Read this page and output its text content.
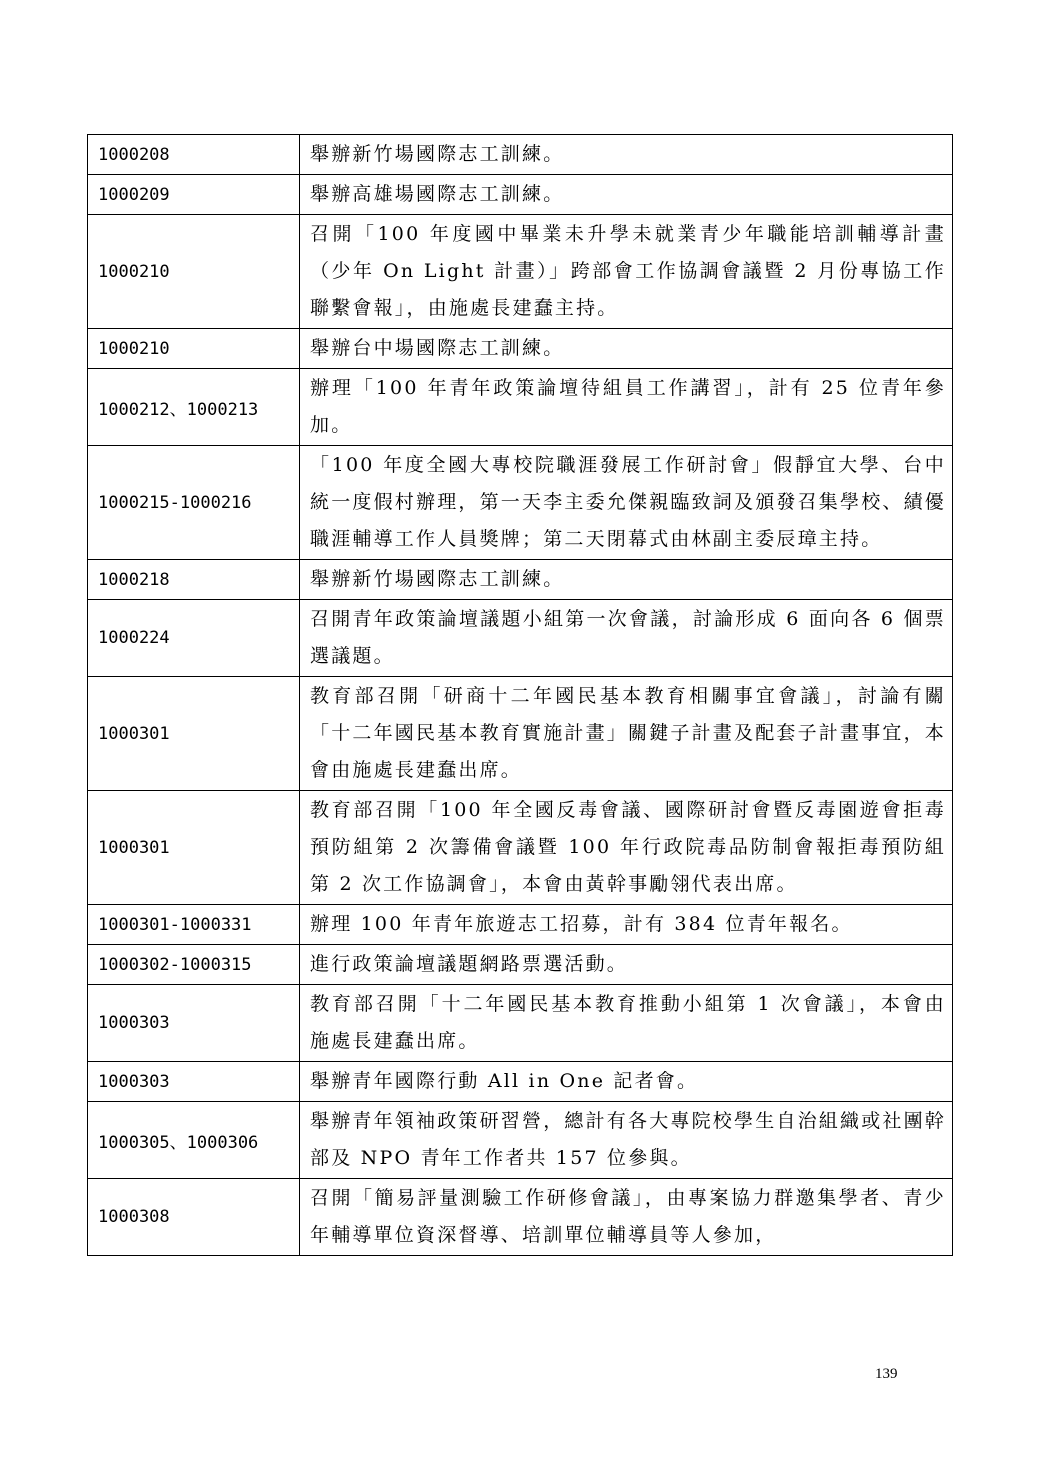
1000208	舉辦新竹場國際志工訓練。
1000209	舉辦高雄場國際志工訓練。
1000210	召開「100 年度國中畢業未升學未就業青少年職能培訓輔導計畫（少年 On Light 計畫）」跨部會工作協調會議暨 2 月份專協工作聯繫會報」，由施處長建蠢主持。
1000210	舉辦台中場國際志工訓練。
1000212、1000213	辦理「100 年青年政策論壇待組員工作講習」，計有 25 位青年參加。
1000215-1000216	「100 年度全國大專校院職涯發展工作研討會」假靜宜大學、台中統一度假村辦理，第一天李主委允傑親臨致詞及頒發召集學校、績優職涯輔導工作人員獎牌；第二天閉幕式由林副主委辰璋主持。
1000218	舉辦新竹場國際志工訓練。
1000224	召開青年政策論壇議題小組第一次會議，討論形成 6 面向各 6 個票選議題。
1000301	教育部召開「研商十二年國民基本教育相關事宜會議」，討論有關「十二年國民基本教育實施計畫」關鍵子計畫及配套子計畫事宜，本會由施處長建蠢出席。
1000301	教育部召開「100 年全國反毒會議、國際研討會暨反毒園遊會拒毒預防組第 2 次籌備會議暨 100 年行政院毒品防制會報拒毒預防組第 2 次工作協調會」，本會由黃幹事勵翎代表出席。
1000301-1000331	辦理 100 年青年旅遊志工招募，計有 384 位青年報名。
1000302-1000315	進行政策論壇議題網路票選活動。
1000303	教育部召開「十二年國民基本教育推動小組第 1 次會議」，本會由施處長建蠢出席。
1000303	舉辦青年國際行動 All in One 記者會。
1000305、1000306	舉辦青年領袖政策研習營，總計有各大專院校學生自治組織或社團幹部及 NPO 青年工作者共 157 位參與。
1000308	召開「簡易評量測驗工作研修會議」，由專案協力群邀集學者、青少年輔導單位資深督導、培訓單位輔導員等人參加，
139
